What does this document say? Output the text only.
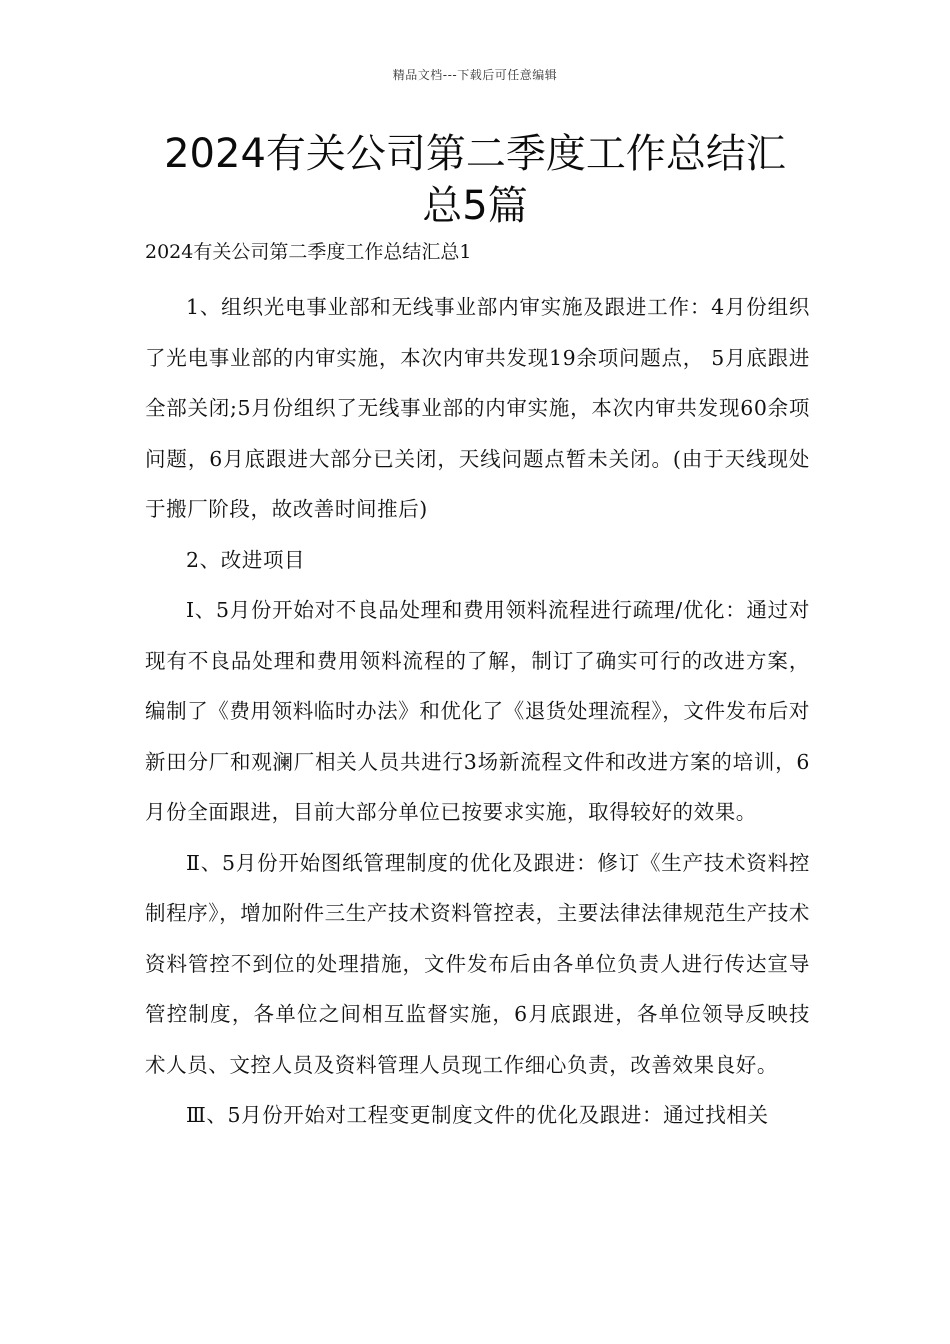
精品文档---下载后可任意编辑
2024有关公司第二季度工作总结汇总5篇

2024有关公司第二季度工作总结汇总1

1、组织光电事业部和无线事业部内审实施及跟进工作：4月份组织了光电事业部的内审实施，本次内审共发现19余项问题点， 5月底跟进全部关闭;5月份组织了无线事业部的内审实施，本次内审共发现60余项问题，6月底跟进大部分已关闭，天线问题点暂未关闭。(由于天线现处于搬厂阶段，故改善时间推后)

2、改进项目

Ⅰ、5月份开始对不良品处理和费用领料流程进行疏理/优化：通过对现有不良品处理和费用领料流程的了解，制订了确实可行的改进方案，编制了《费用领料临时办法》和优化了《退货处理流程》，文件发布后对新田分厂和观澜厂相关人员共进行3场新流程文件和改进方案的培训，6月份全面跟进，目前大部分单位已按要求实施，取得较好的效果。

Ⅱ、5月份开始图纸管理制度的优化及跟进：修订《生产技术资料控制程序》，增加附件三生产技术资料管控表，主要法律法律规范生产技术资料管控不到位的处理措施，文件发布后由各单位负责人进行传达宣导管控制度，各单位之间相互监督实施，6月底跟进，各单位领导反映技术人员、文控人员及资料管理人员现工作细心负责，改善效果良好。

Ⅲ、5月份开始对工程变更制度文件的优化及跟进：通过找相关
